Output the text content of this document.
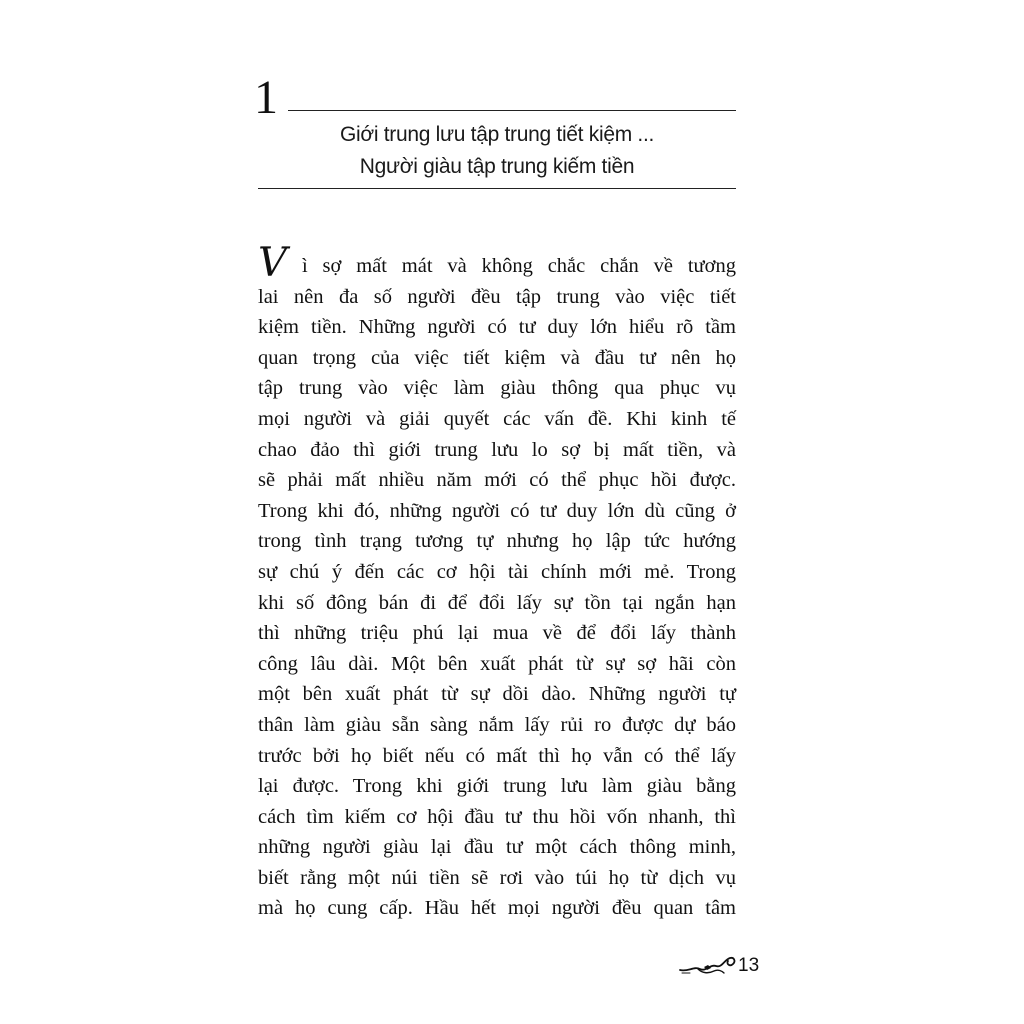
1
Giới trung lưu tập trung tiết kiệm ...
Người giàu tập trung kiếm tiền
Vì sợ mất mát và không chắc chắn về tương
lai nên đa số người đều tập trung vào việc tiết
kiệm tiền. Những người có tư duy lớn hiểu rõ tầm
quan trọng của việc tiết kiệm và đầu tư nên họ
tập trung vào việc làm giàu thông qua phục vụ
mọi người và giải quyết các vấn đề. Khi kinh tế
chao đảo thì giới trung lưu lo sợ bị mất tiền, và
sẽ phải mất nhiều năm mới có thể phục hồi được.
Trong khi đó, những người có tư duy lớn dù cũng ở
trong tình trạng tương tự nhưng họ lập tức hướng
sự chú ý đến các cơ hội tài chính mới mẻ. Trong
khi số đông bán đi để đổi lấy sự tồn tại ngắn hạn
thì những triệu phú lại mua về để đổi lấy thành
công lâu dài. Một bên xuất phát từ sự sợ hãi còn
một bên xuất phát từ sự dồi dào. Những người tự
thân làm giàu sẵn sàng nắm lấy rủi ro được dự báo
trước bởi họ biết nếu có mất thì họ vẫn có thể lấy
lại được. Trong khi giới trung lưu làm giàu bằng
cách tìm kiếm cơ hội đầu tư thu hồi vốn nhanh, thì
những người giàu lại đầu tư một cách thông minh,
biết rằng một núi tiền sẽ rơi vào túi họ từ dịch vụ
mà họ cung cấp. Hầu hết mọi người đều quan tâm
13
